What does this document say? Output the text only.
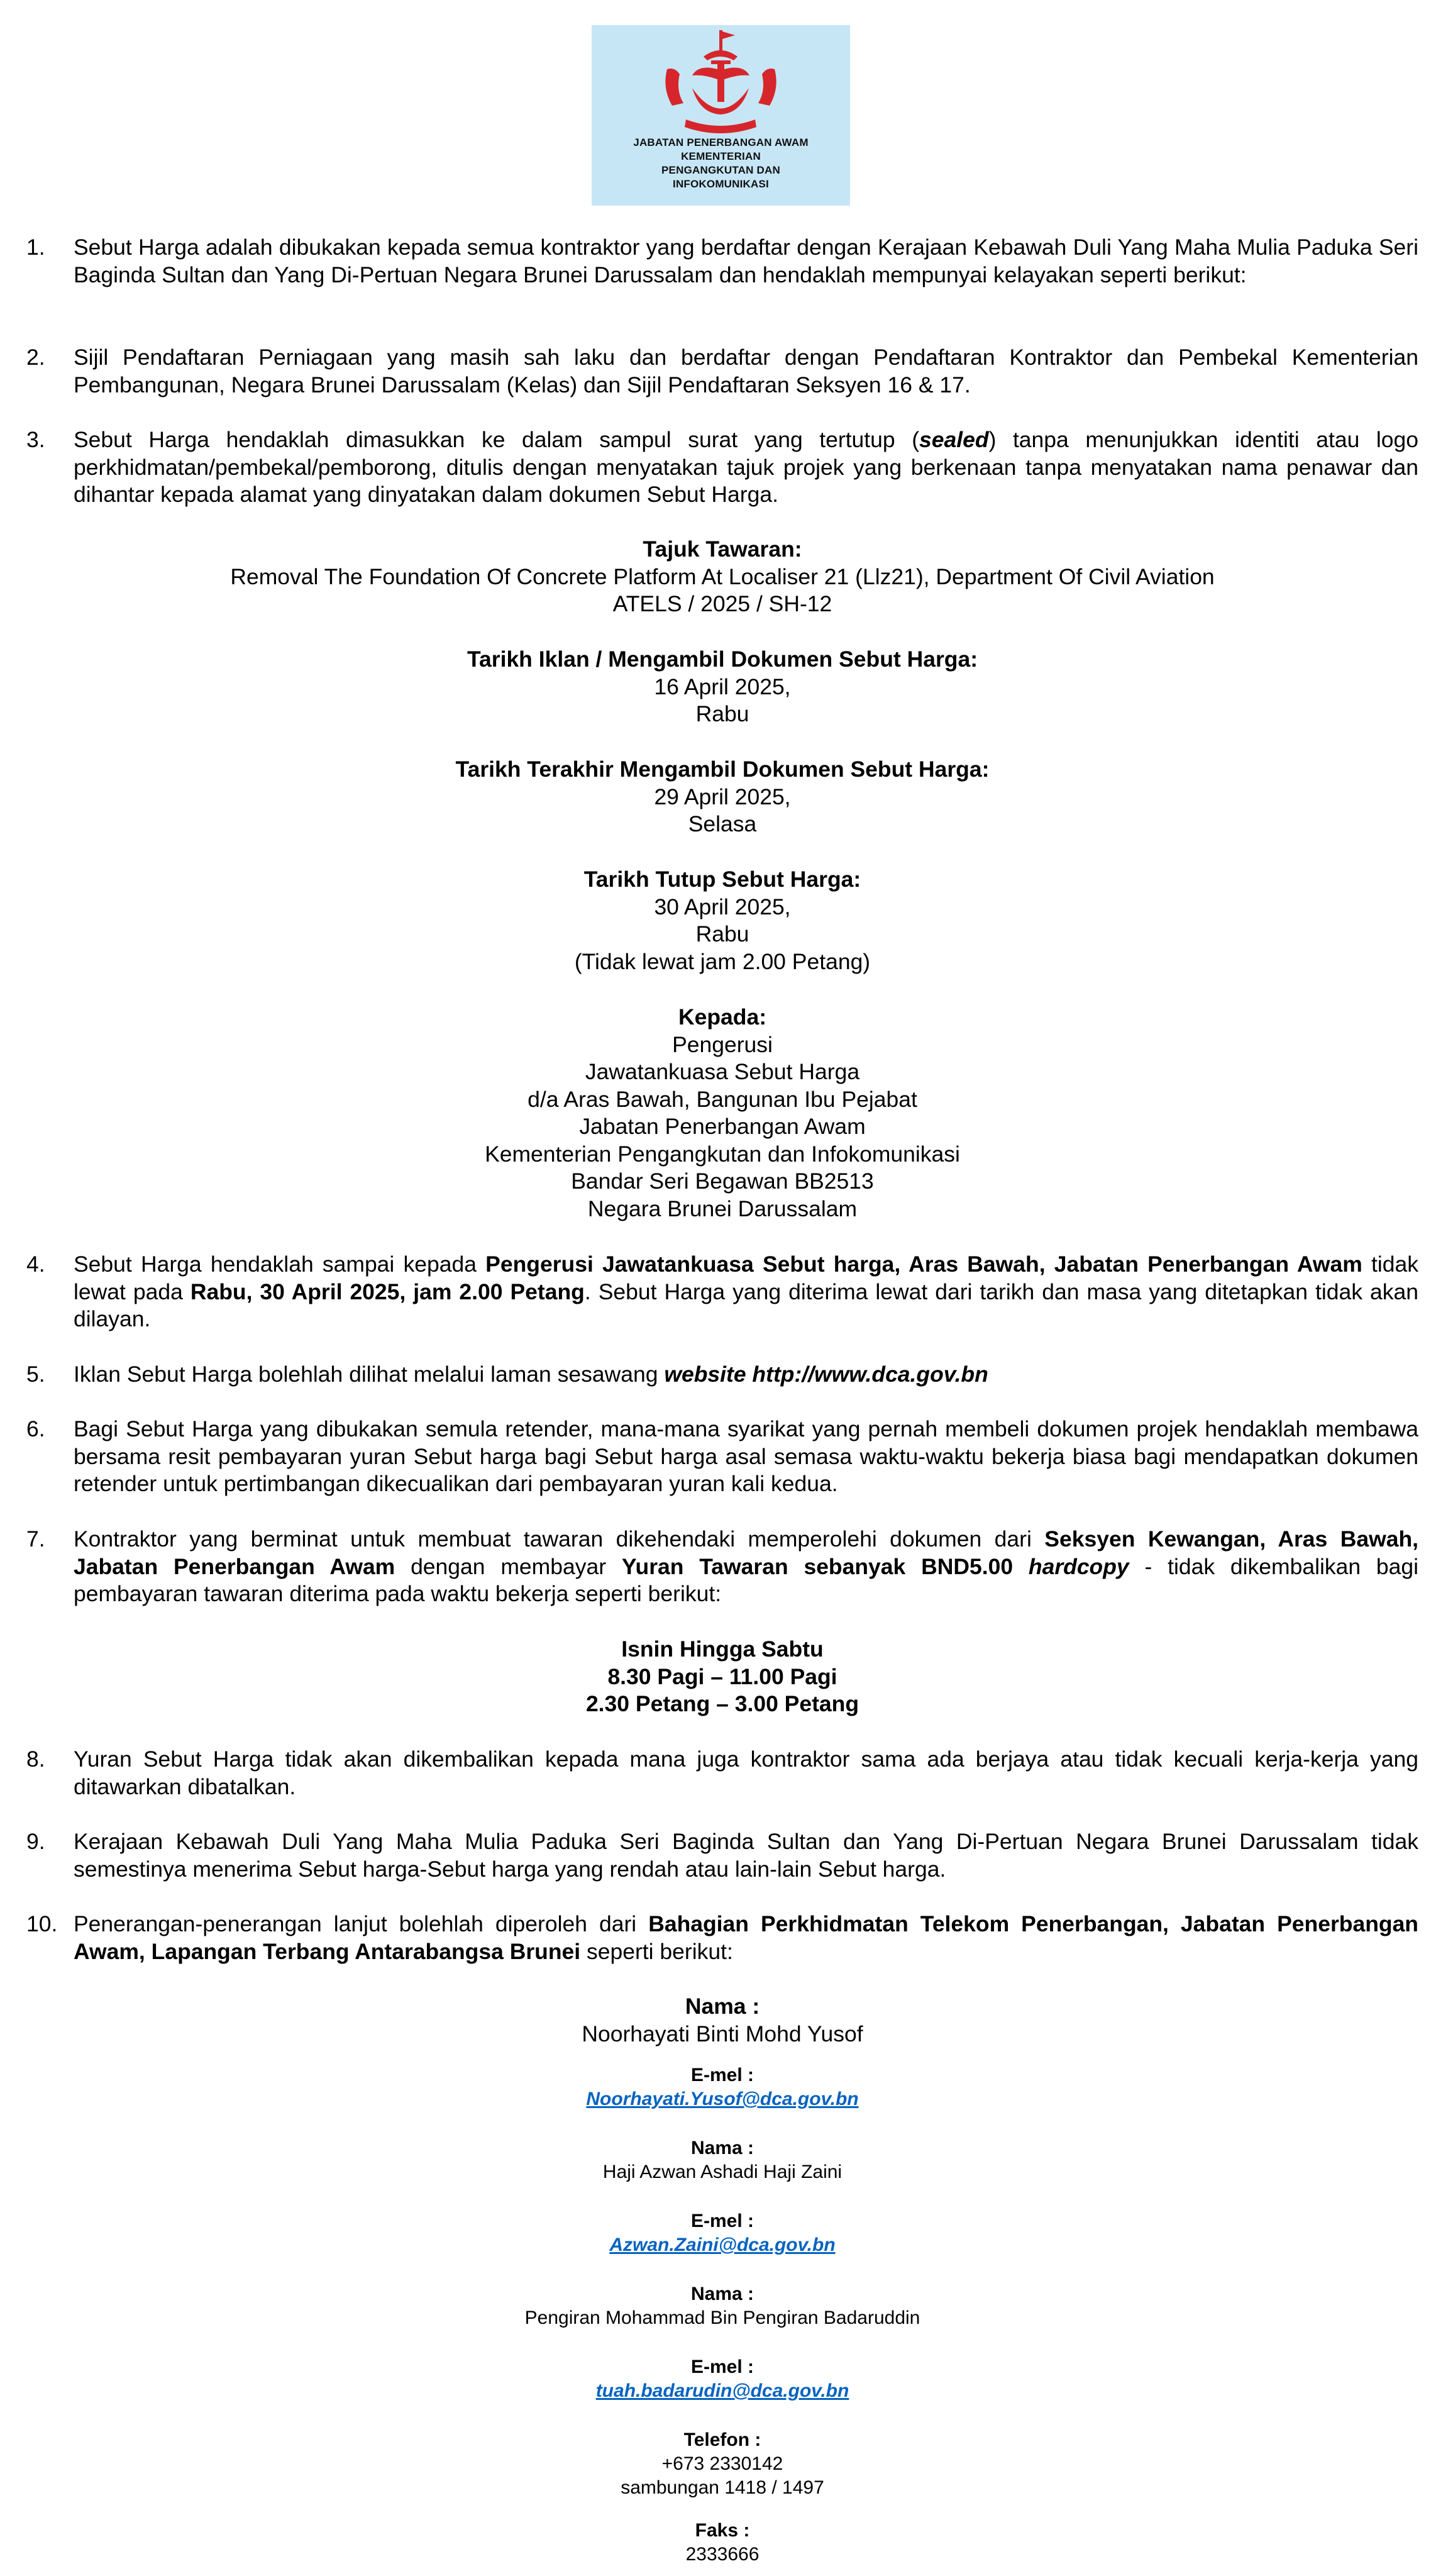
JABATAN PENERBANGAN AWAM
KEMENTERIAN
PENGANGKUTAN DAN
INFOKOMUNIKASI
1. Sebut Harga adalah dibukakan kepada semua kontraktor yang berdaftar dengan Kerajaan Kebawah Duli Yang Maha Mulia Paduka Seri Baginda Sultan dan Yang Di-Pertuan Negara Brunei Darussalam dan hendaklah mempunyai kelayakan seperti berikut:
2. Sijil Pendaftaran Perniagaan yang masih sah laku dan berdaftar dengan Pendaftaran Kontraktor dan Pembekal Kementerian Pembangunan, Negara Brunei Darussalam (Kelas) dan Sijil Pendaftaran Seksyen 16 & 17.
3. Sebut Harga hendaklah dimasukkan ke dalam sampul surat yang tertutup (sealed) tanpa menunjukkan identiti atau logo perkhidmatan/pembekal/pemborong, ditulis dengan menyatakan tajuk projek yang berkenaan tanpa menyatakan nama penawar dan dihantar kepada alamat yang dinyatakan dalam dokumen Sebut Harga.
Tajuk Tawaran:
Removal The Foundation Of Concrete Platform At Localiser 21 (Llz21), Department Of Civil Aviation
ATELS / 2025 / SH-12
Tarikh Iklan / Mengambil Dokumen Sebut Harga:
16 April 2025,
Rabu
Tarikh Terakhir Mengambil Dokumen Sebut Harga:
29 April 2025,
Selasa
Tarikh Tutup Sebut Harga:
30 April 2025,
Rabu
(Tidak lewat jam 2.00 Petang)
Kepada:
Pengerusi
Jawatankuasa Sebut Harga
d/a Aras Bawah, Bangunan Ibu Pejabat
Jabatan Penerbangan Awam
Kementerian Pengangkutan dan Infokomunikasi
Bandar Seri Begawan BB2513
Negara Brunei Darussalam
4. Sebut Harga hendaklah sampai kepada Pengerusi Jawatankuasa Sebut harga, Aras Bawah, Jabatan Penerbangan Awam tidak lewat pada Rabu, 30 April 2025, jam 2.00 Petang. Sebut Harga yang diterima lewat dari tarikh dan masa yang ditetapkan tidak akan dilayan.
5. Iklan Sebut Harga bolehlah dilihat melalui laman sesawang website http://www.dca.gov.bn
6. Bagi Sebut Harga yang dibukakan semula retender, mana-mana syarikat yang pernah membeli dokumen projek hendaklah membawa bersama resit pembayaran yuran Sebut harga bagi Sebut harga asal semasa waktu-waktu bekerja biasa bagi mendapatkan dokumen retender untuk pertimbangan dikecualikan dari pembayaran yuran kali kedua.
7. Kontraktor yang berminat untuk membuat tawaran dikehendaki memperolehi dokumen dari Seksyen Kewangan, Aras Bawah, Jabatan Penerbangan Awam dengan membayar Yuran Tawaran sebanyak BND5.00 hardcopy - tidak dikembalikan bagi pembayaran tawaran diterima pada waktu bekerja seperti berikut:
Isnin Hingga Sabtu
8.30 Pagi – 11.00 Pagi
2.30 Petang – 3.00 Petang
8. Yuran Sebut Harga tidak akan dikembalikan kepada mana juga kontraktor sama ada berjaya atau tidak kecuali kerja-kerja yang ditawarkan dibatalkan.
9. Kerajaan Kebawah Duli Yang Maha Mulia Paduka Seri Baginda Sultan dan Yang Di-Pertuan Negara Brunei Darussalam tidak semestinya menerima Sebut harga-Sebut harga yang rendah atau lain-lain Sebut harga.
10. Penerangan-penerangan lanjut bolehlah diperoleh dari Bahagian Perkhidmatan Telekom Penerbangan, Jabatan Penerbangan Awam, Lapangan Terbang Antarabangsa Brunei seperti berikut:
Nama :
Noorhayati Binti Mohd Yusof
E-mel :
Noorhayati.Yusof@dca.gov.bn
Nama :
Haji Azwan Ashadi Haji Zaini
E-mel :
Azwan.Zaini@dca.gov.bn
Nama :
Pengiran Mohammad Bin Pengiran Badaruddin
E-mel :
tuah.badarudin@dca.gov.bn
Telefon :
+673 2330142
sambungan 1418 / 1497
Faks :
2333666
